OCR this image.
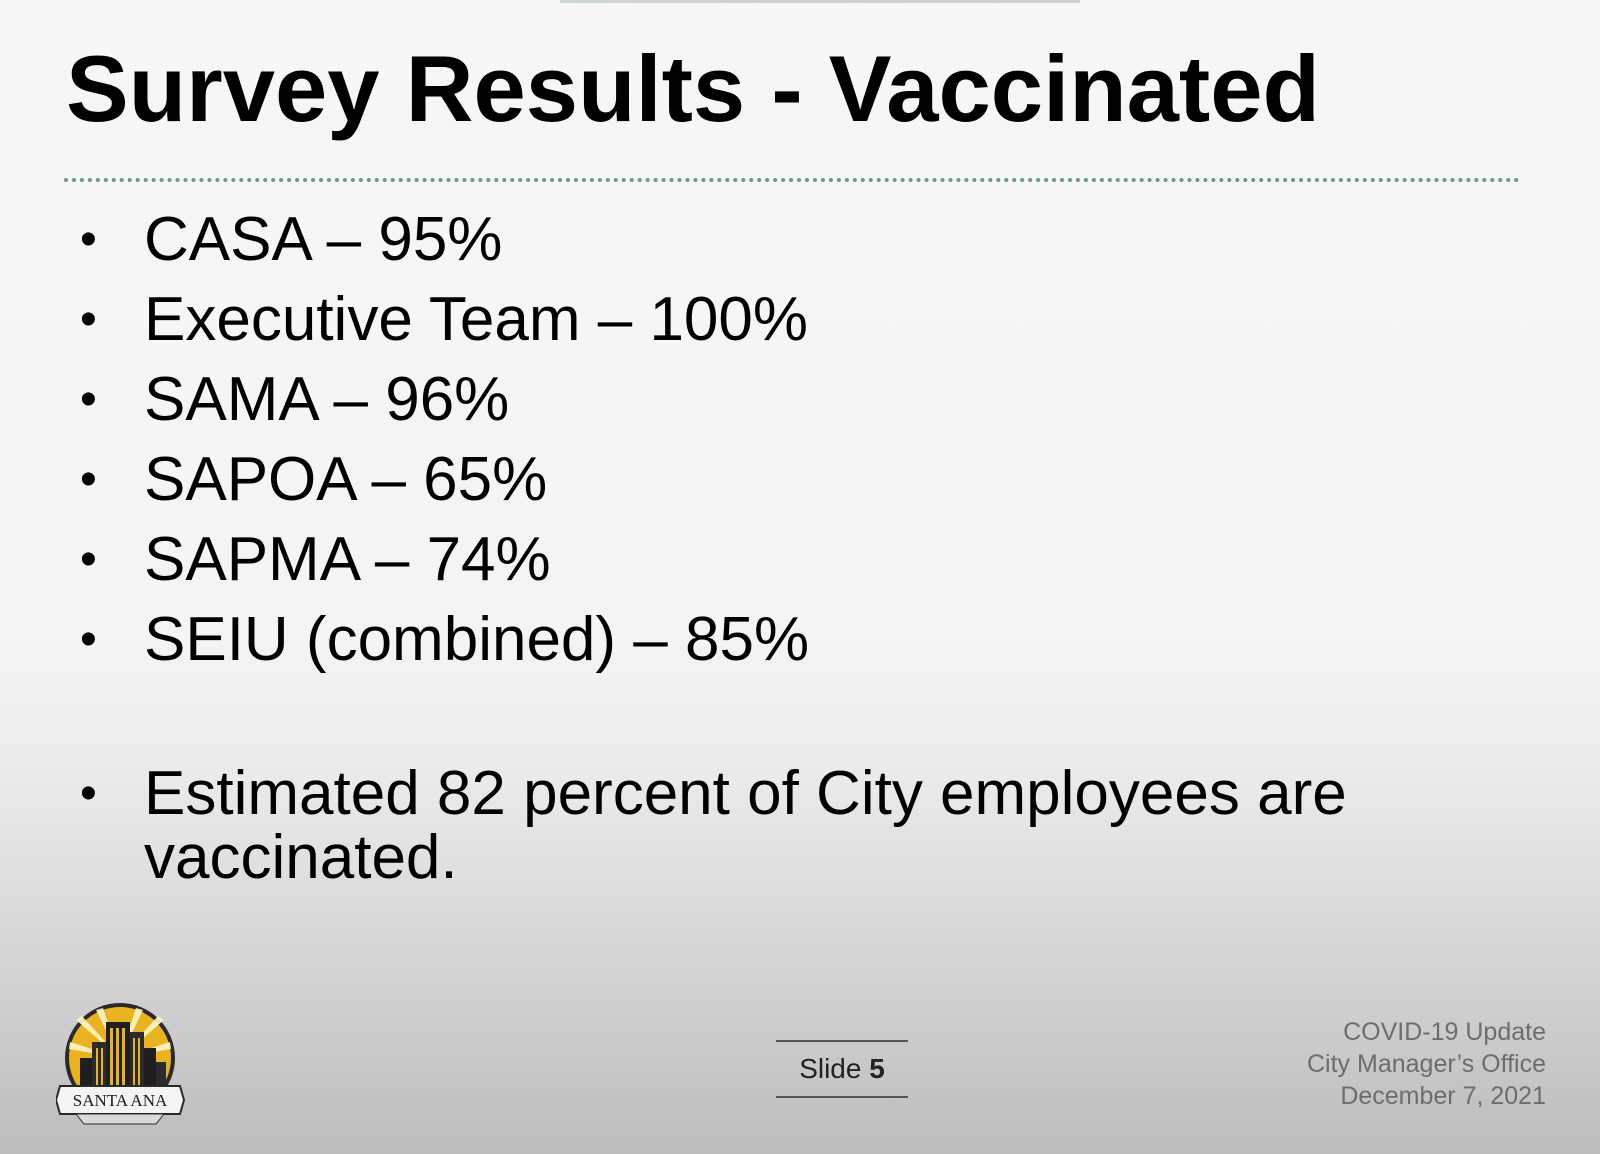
Survey Results - Vaccinated
• CASA – 95%
• Executive Team – 100%
• SAMA – 96%
• SAPOA – 65%
• SAPMA – 74%
• SEIU (combined) – 85%
• Estimated 82 percent of City employees are vaccinated.
SANTA ANA
Slide 5
COVID-19 Update
City Manager’s Office
December 7, 2021
